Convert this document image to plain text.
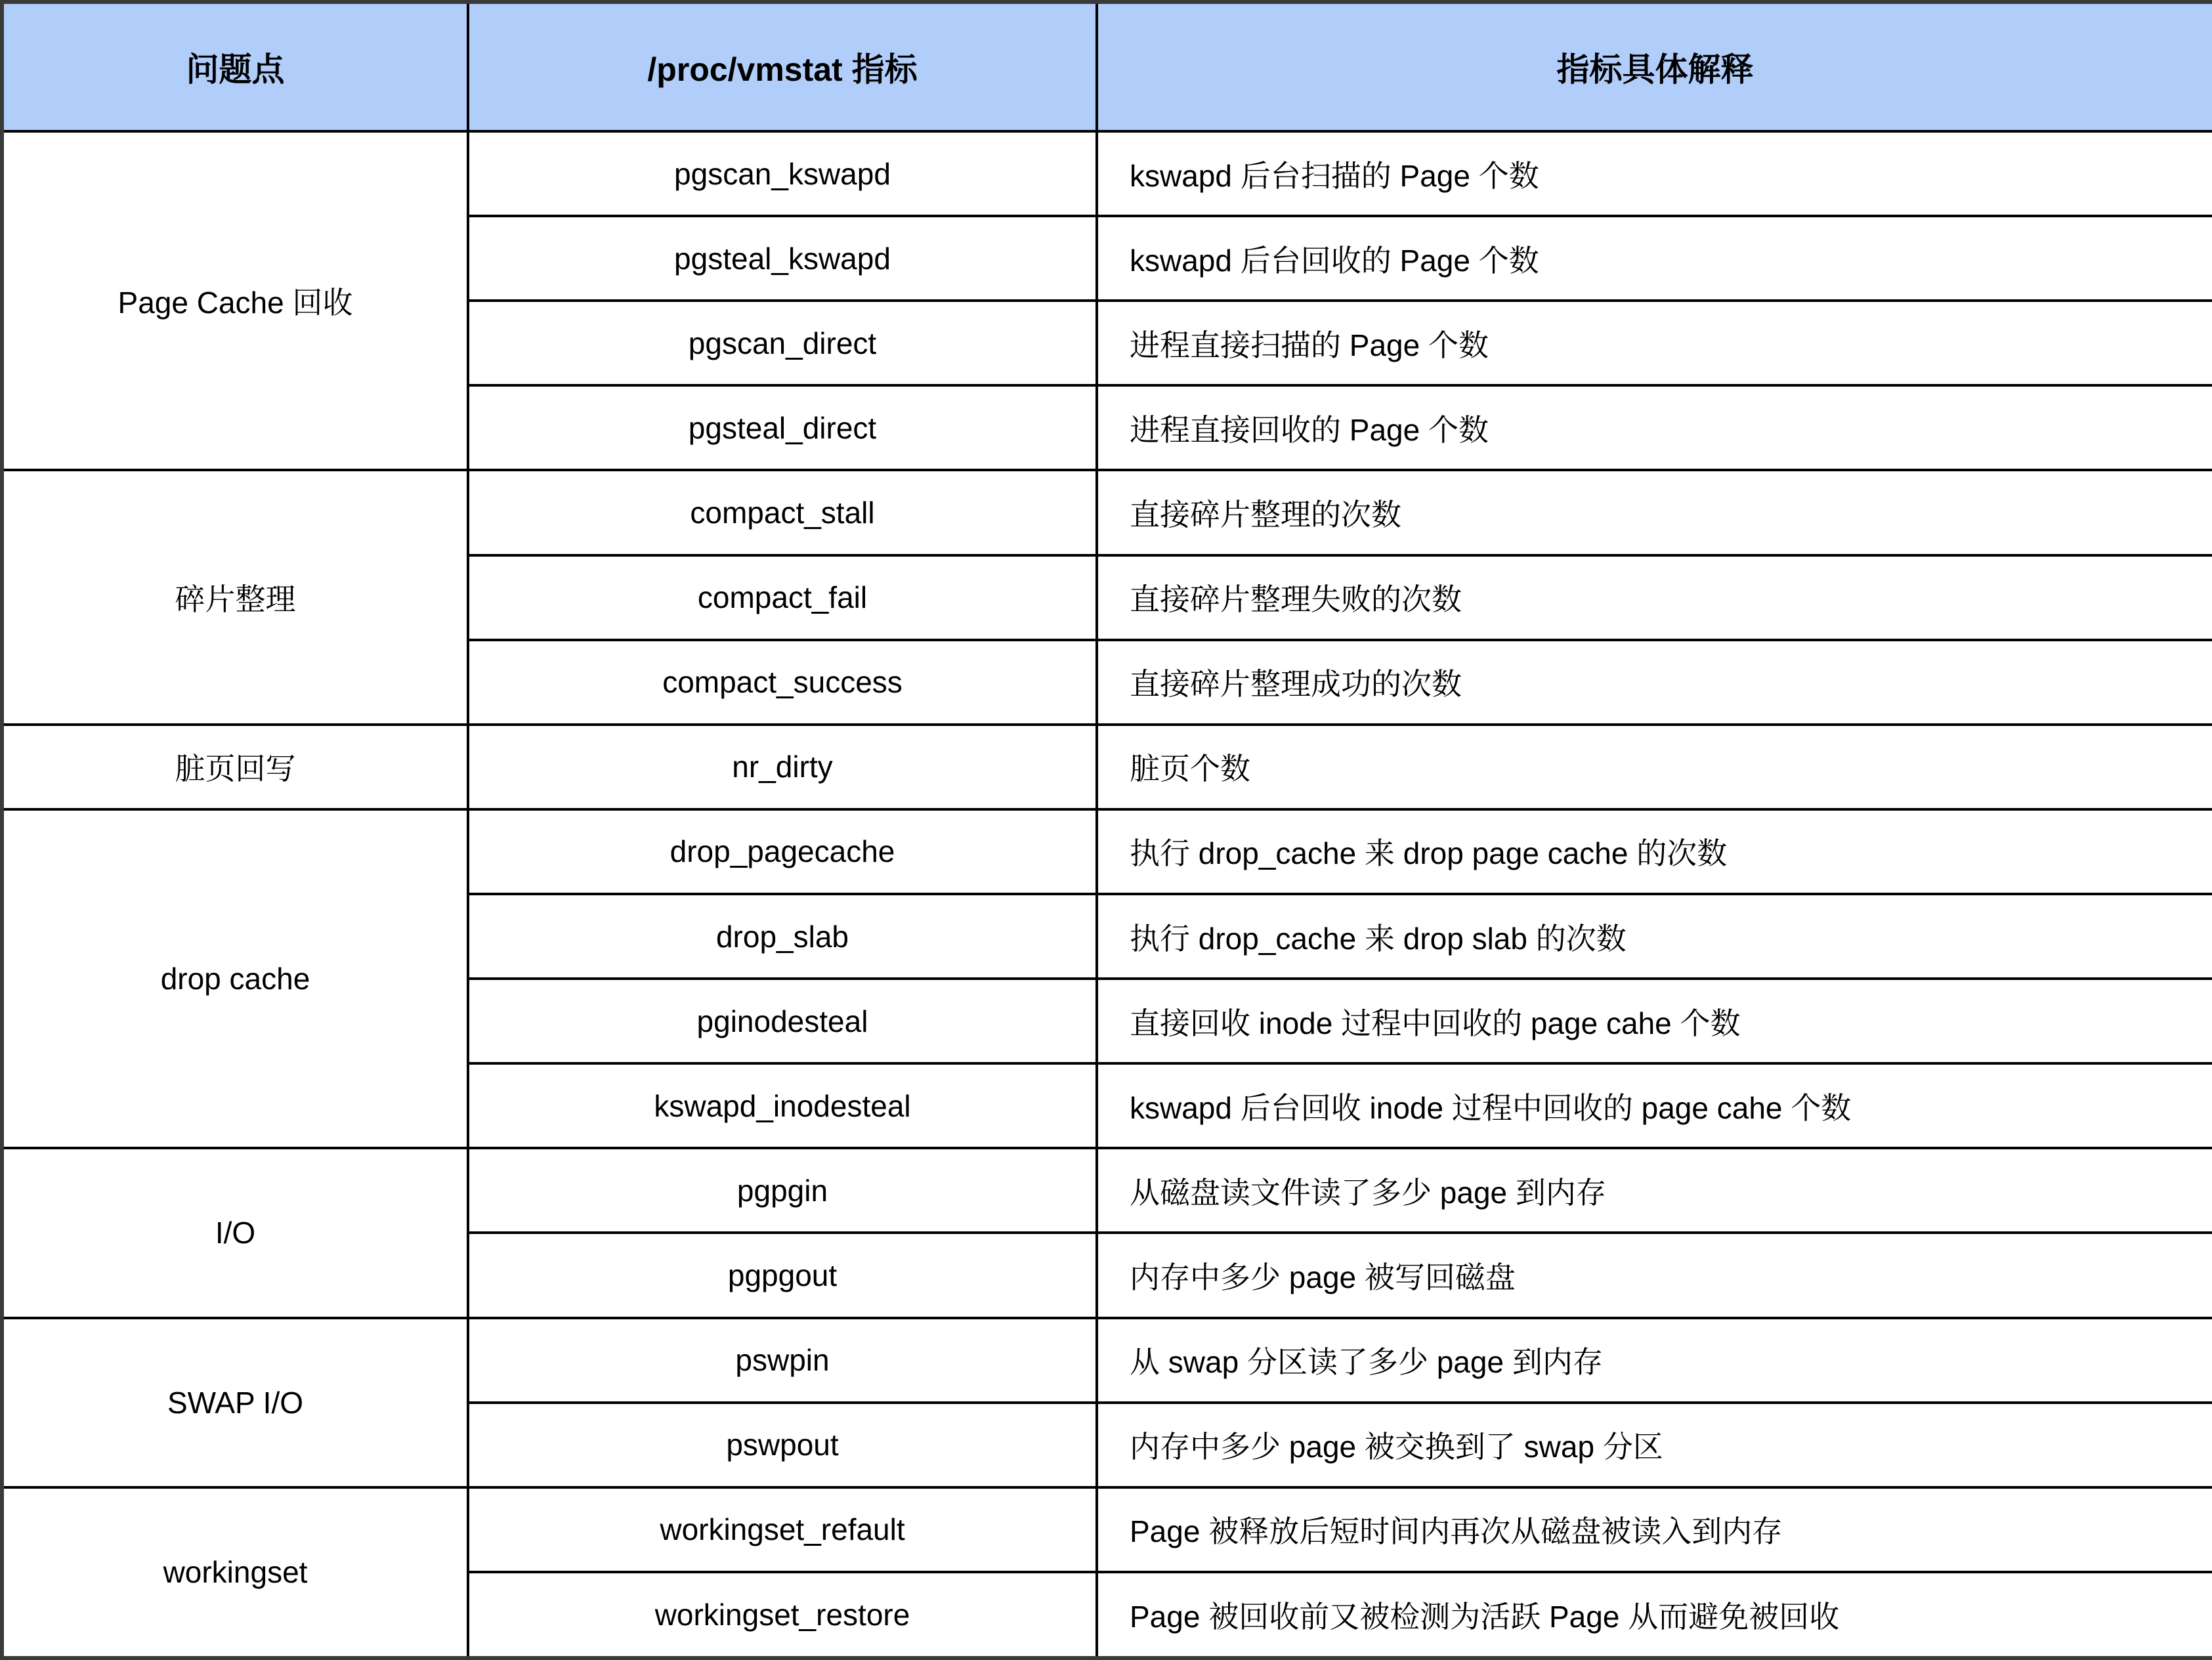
问题点	/proc/vmstat 指标	指标具体解释
Page Cache 回收	pgscan_kswapd	kswapd 后台扫描的 Page 个数
	pgsteal_kswapd	kswapd 后台回收的 Page 个数
	pgscan_direct	进程直接扫描的 Page 个数
	pgsteal_direct	进程直接回收的 Page 个数
碎片整理	compact_stall	直接碎片整理的次数
	compact_fail	直接碎片整理失败的次数
	compact_success	直接碎片整理成功的次数
脏页回写	nr_dirty	脏页个数
drop cache	drop_pagecache	执行 drop_cache 来 drop page cache 的次数
	drop_slab	执行 drop_cache 来 drop slab 的次数
	pginodesteal	直接回收 inode 过程中回收的 page cahe 个数
	kswapd_inodesteal	kswapd 后台回收 inode 过程中回收的 page cahe 个数
I/O	pgpgin	从磁盘读文件读了多少 page 到内存
	pgpgout	内存中多少 page 被写回磁盘
SWAP I/O	pswpin	从 swap 分区读了多少 page 到内存
	pswpout	内存中多少 page 被交换到了 swap 分区
workingset	workingset_refault	Page 被释放后短时间内再次从磁盘被读入到内存
	workingset_restore	Page 被回收前又被检测为活跃 Page 从而避免被回收
